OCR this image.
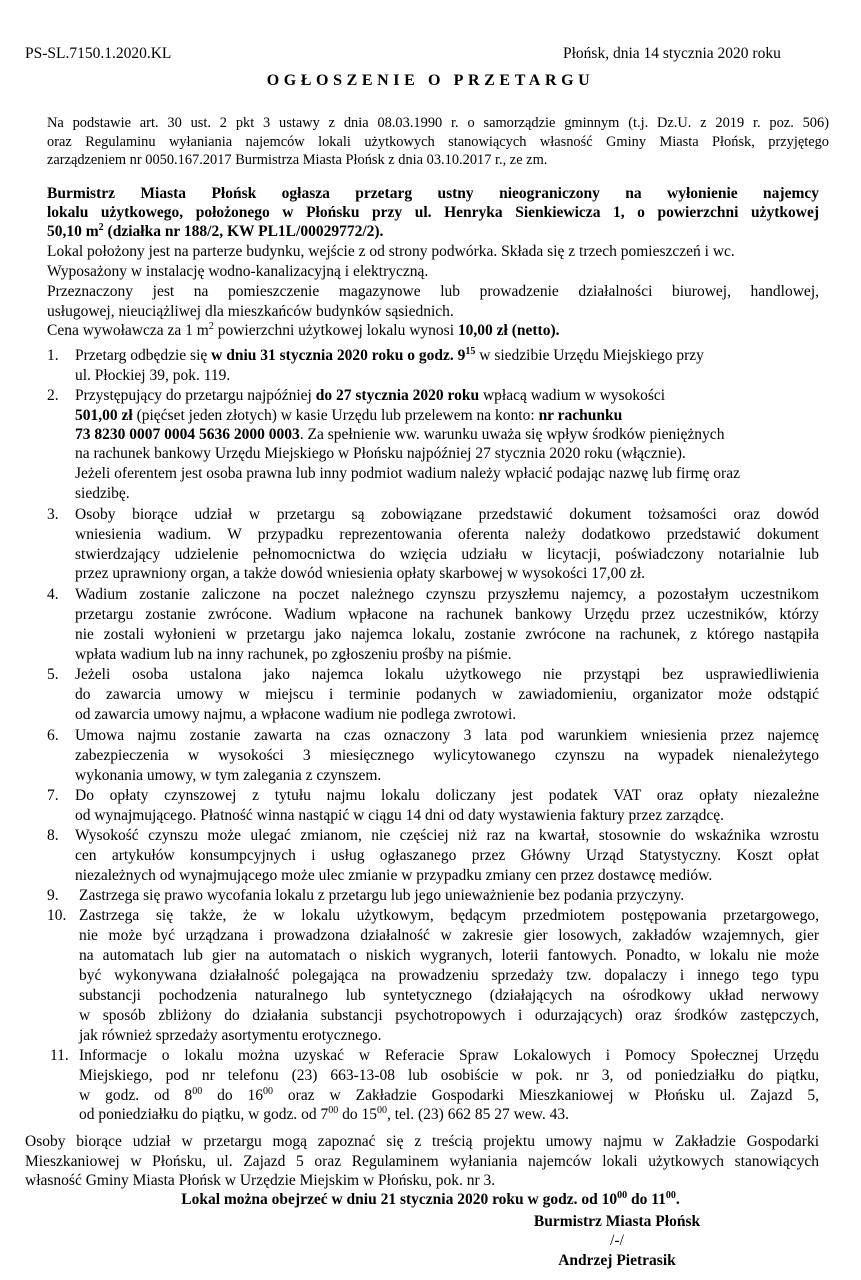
PS-SL.7150.1.2020.KL	Płońsk, dnia 14 stycznia 2020 roku
OGŁOSZENIE O PRZETARGU
Na podstawie art. 30 ust. 2 pkt 3 ustawy z dnia 08.03.1990 r. o samorządzie gminnym (t.j. Dz.U. z 2019 r. poz. 506)
oraz Regulaminu wyłaniania najemców lokali użytkowych stanowiących własność Gminy Miasta Płońsk, przyjętego
zarządzeniem nr 0050.167.2017 Burmistrza Miasta Płońsk z dnia 03.10.2017 r., ze zm.
Burmistrz Miasta Płońsk ogłasza przetarg ustny nieograniczony na wyłonienie najemcy
lokalu użytkowego, położonego w Płońsku przy ul. Henryka Sienkiewicza 1, o powierzchni użytkowej
50,10 $m^2$ (działka nr 188/2, KW PL1L/00029772/2).
Lokal położony jest na parterze budynku, wejście z od strony podwórka. Składa się z trzech pomieszczeń i wc.
Wyposażony w instalację wodno-kanalizacyjną i elektryczną.
Przeznaczony jest na pomieszczenie magazynowe lub prowadzenie działalności biurowej, handlowej,
usługowej, nieuciążliwej dla mieszkańców budynków sąsiednich.
Cena wywoławcza za 1 $m^2$ powierzchni użytkowej lokalu wynosi 10,00 zł (netto).
1. Przetarg odbędzie się w dniu 31 stycznia 2020 roku o godz. $9^{15}$ w siedzibie Urzędu Miejskiego przy
ul. Płockiej 39, pok. 119.
2. Przystępujący do przetargu najpóźniej do 27 stycznia 2020 roku wpłacą wadium w wysokości
501,00 zł (pięćset jeden złotych) w kasie Urzędu lub przelewem na konto: nr rachunku
73 8230 0007 0004 5636 2000 0003. Za spełnienie ww. warunku uważa się wpływ środków pieniężnych
na rachunek bankowy Urzędu Miejskiego w Płońsku najpóźniej 27 stycznia 2020 roku (włącznie).
Jeżeli oferentem jest osoba prawna lub inny podmiot wadium należy wpłacić podając nazwę lub firmę oraz
siedzibę.
3. Osoby biorące udział w przetargu są zobowiązane przedstawić dokument tożsamości oraz dowód
wniesienia wadium. W przypadku reprezentowania oferenta należy dodatkowo przedstawić dokument
stwierdzający udzielenie pełnomocnictwa do wzięcia udziału w licytacji, poświadczony notarialnie lub
przez uprawniony organ, a także dowód wniesienia opłaty skarbowej w wysokości 17,00 zł.
4. Wadium zostanie zaliczone na poczet należnego czynszu przyszłemu najemcy, a pozostałym uczestnikom
przetargu zostanie zwrócone. Wadium wpłacone na rachunek bankowy Urzędu przez uczestników, którzy
nie zostali wyłonieni w przetargu jako najemca lokalu, zostanie zwrócone na rachunek, z którego nastąpiła
wpłata wadium lub na inny rachunek, po zgłoszeniu prośby na piśmie.
5. Jeżeli osoba ustalona jako najemca lokalu użytkowego nie przystąpi bez usprawiedliwienia
do zawarcia umowy w miejscu i terminie podanych w zawiadomieniu, organizator może odstąpić
od zawarcia umowy najmu, a wpłacone wadium nie podlega zwrotowi.
6. Umowa najmu zostanie zawarta na czas oznaczony 3 lata pod warunkiem wniesienia przez najemcę
zabezpieczenia w wysokości 3 miesięcznego wylicytowanego czynszu na wypadek nienależytego
wykonania umowy, w tym zalegania z czynszem.
7. Do opłaty czynszowej z tytułu najmu lokalu doliczany jest podatek VAT oraz opłaty niezależne
od wynajmującego. Płatność winna nastąpić w ciągu 14 dni od daty wystawienia faktury przez zarządcę.
8. Wysokość czynszu może ulegać zmianom, nie częściej niż raz na kwartał, stosownie do wskaźnika wzrostu
cen artykułów konsumpcyjnych i usług ogłaszanego przez Główny Urząd Statystyczny. Koszt opłat
niezależnych od wynajmującego może ulec zmianie w przypadku zmiany cen przez dostawcę mediów.
9. Zastrzega się prawo wycofania lokalu z przetargu lub jego unieważnienie bez podania przyczyny.
10. Zastrzega się także, że w lokalu użytkowym, będącym przedmiotem postępowania przetargowego,
nie może być urządzana i prowadzona działalność w zakresie gier losowych, zakładów wzajemnych, gier
na automatach lub gier na automatach o niskich wygranych, loterii fantowych. Ponadto, w lokalu nie może
być wykonywana działalność polegająca na prowadzeniu sprzedaży tzw. dopalaczy i innego tego typu
substancji pochodzenia naturalnego lub syntetycznego (działających na ośrodkowy układ nerwowy
w sposób zbliżony do działania substancji psychotropowych i odurzających) oraz środków zastępczych,
jak również sprzedaży asortymentu erotycznego.
11. Informacje o lokalu można uzyskać w Referacie Spraw Lokalowych i Pomocy Społecznej Urzędu
Miejskiego, pod nr telefonu (23) 663-13-08 lub osobiście w pok. nr 3, od poniedziałku do piątku,
w godz. od $8^{00}$ do $16^{00}$ oraz w Zakładzie Gospodarki Mieszkaniowej w Płońsku ul. Zajazd 5,
od poniedziałku do piątku, w godz. od $7^{00}$ do $15^{00}$, tel. (23) 662 85 27 wew. 43.
Osoby biorące udział w przetargu mogą zapoznać się z treścią projektu umowy najmu w Zakładzie Gospodarki
Mieszkaniowej w Płońsku, ul. Zajazd 5 oraz Regulaminem wyłaniania najemców lokali użytkowych stanowiących
własność Gminy Miasta Płońsk w Urzędzie Miejskim w Płońsku, pok. nr 3.
Lokal można obejrzeć w dniu 21 stycznia 2020 roku w godz. od $10^{00}$ do $11^{00}$.
Burmistrz Miasta Płońsk
/-/
Andrzej Pietrasik
